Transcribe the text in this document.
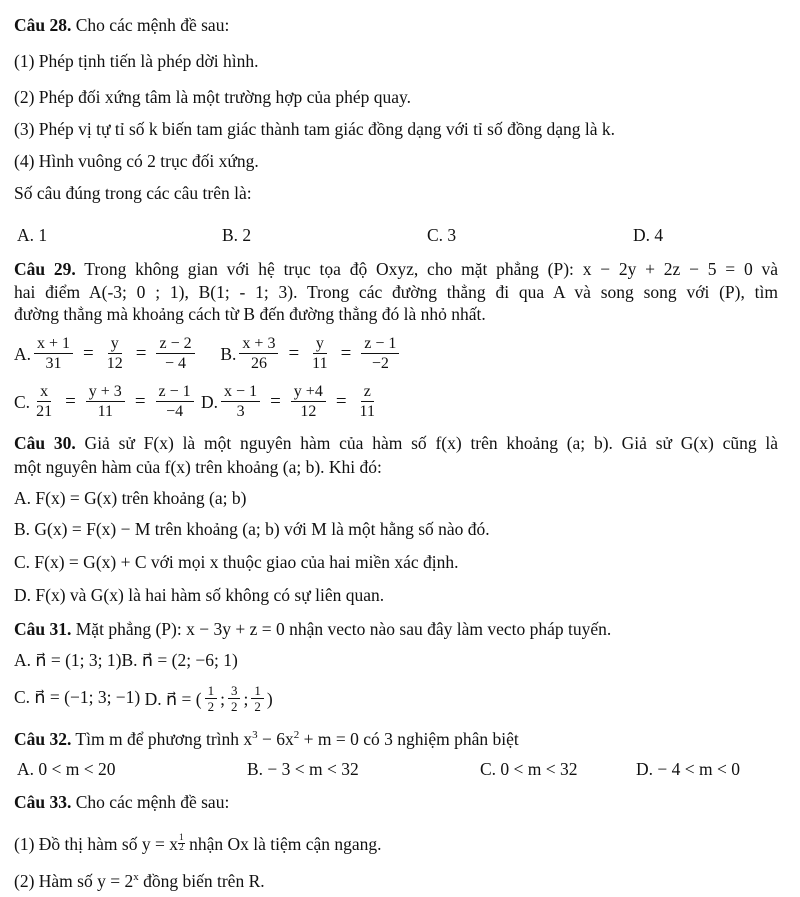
Câu 28. Cho các mệnh đề sau:
(1) Phép tịnh tiến là phép dời hình.
(2) Phép đối xứng tâm là một trường hợp của phép quay.
(3) Phép vị tự tỉ số k biến tam giác thành tam giác đồng dạng với tỉ số đồng dạng là k.
(4) Hình vuông có 2 trục đối xứng.
Số câu đúng trong các câu trên là:
A. 1	B. 2	C. 3	D. 4
Câu 29. Trong không gian với hệ trục tọa độ Oxyz, cho mặt phẳng (P): x − 2y + 2z − 5 = 0 và
hai điểm A(-3; 0 ; 1), B(1; - 1; 3). Trong các đường thẳng đi qua A và song song với (P), tìm
đường thẳng mà khoảng cách từ B đến đường thẳng đó là nhỏ nhất.
A. $\frac{x + 1}{31} = \frac{y}{12} = \frac{z - 2}{- 4}$
B. $\frac{x + 3}{26} = \frac{y}{11} = \frac{z - 1}{-2}$
C. $\frac{x}{21} = \frac{y + 3}{11} = \frac{z - 1}{-4}$
D. $\frac{x - 1}{3} = \frac{y +4}{12} = \frac{z}{11}$
Câu 30. Giả sử F(x) là một nguyên hàm của hàm số f(x) trên khoảng (a; b). Giả sử G(x) cũng là
một nguyên hàm của f(x) trên khoảng (a; b). Khi đó:
A. F(x) = G(x) trên khoảng (a; b)
B. G(x) = F(x) − M trên khoảng (a; b) với M là một hằng số nào đó.
C. F(x) = G(x) + C với mọi x thuộc giao của hai miền xác định.
D. F(x) và G(x) là hai hàm số không có sự liên quan.
Câu 31. Mặt phẳng (P): x − 3y + z = 0 nhận vecto nào sau đây làm vecto pháp tuyến.
A. n⃗ = (1; 3; 1)B. n⃗ = (2; −6; 1)
C. n⃗ = (−1; 3; −1) D. n⃗ = ( $\frac{1}{2}$ ; $\frac{3}{2}$ ; $\frac{1}{2}$ )
Câu 32. Tìm m để phương trình $x^3 - 6x^2 + m = 0$ có 3 nghiệm phân biệt
A. 0 < m < 20	B. − 3 < m < 32	C. 0 < m < 32	D. − 4 < m < 0
Câu 33. Cho các mệnh đề sau:
(1) Đồ thị hàm số y = x $\frac{1}{2}$ nhận Ox là tiệm cận ngang.
(2) Hàm số $y = 2^x$ đồng biến trên R.
